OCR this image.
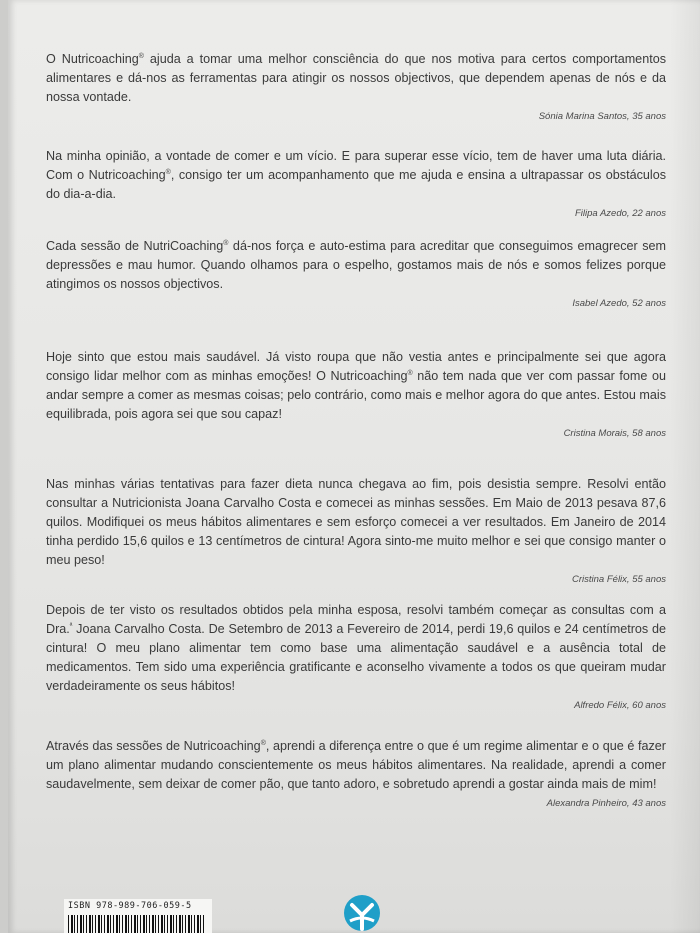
O Nutricoaching® ajuda a tomar uma melhor consciência do que nos motiva para certos comportamentos alimentares e dá-nos as ferramentas para atingir os nossos objectivos, que dependem apenas de nós e da nossa vontade.

Sónia Marina Santos, 35 anos

Na minha opinião, a vontade de comer e um vício. E para superar esse vício, tem de haver uma luta diária. Com o Nutricoaching®, consigo ter um acompanhamento que me ajuda e ensina a ultrapassar os obstáculos do dia-a-dia.

Filipa Azedo, 22 anos

Cada sessão de NutriCoaching® dá-nos força e auto-estima para acreditar que conseguimos emagrecer sem depressões e mau humor. Quando olhamos para o espelho, gostamos mais de nós e somos felizes porque atingimos os nossos objectivos.

Isabel Azedo, 52 anos

Hoje sinto que estou mais saudável. Já visto roupa que não vestia antes e principalmente sei que agora consigo lidar melhor com as minhas emoções! O Nutricoaching® não tem nada que ver com passar fome ou andar sempre a comer as mesmas coisas; pelo contrário, como mais e melhor agora do que antes. Estou mais equilibrada, pois agora sei que sou capaz!

Cristina Morais, 58 anos

Nas minhas várias tentativas para fazer dieta nunca chegava ao fim, pois desistia sempre. Resolvi então consultar a Nutricionista Joana Carvalho Costa e comecei as minhas sessões. Em Maio de 2013 pesava 87,6 quilos. Modifiquei os meus hábitos alimentares e sem esforço comecei a ver resultados. Em Janeiro de 2014 tinha perdido 15,6 quilos e 13 centímetros de cintura! Agora sinto-me muito melhor e sei que consigo manter o meu peso!

Cristina Félix, 55 anos

Depois de ter visto os resultados obtidos pela minha esposa, resolvi também começar as consultas com a Dra.$^ª$ Joana Carvalho Costa. De Setembro de 2013 a Fevereiro de 2014, perdi 19,6 quilos e 24 centímetros de cintura! O meu plano alimentar tem como base uma alimentação saudável e a ausência total de medicamentos. Tem sido uma experiência gratificante e aconselho vivamente a todos os que queiram mudar verdadeiramente os seus hábitos!

Alfredo Félix, 60 anos

Através das sessões de Nutricoaching®, aprendi a diferença entre o que é um regime alimentar e o que é fazer um plano alimentar mudando conscientemente os meus hábitos alimentares. Na realidade, aprendi a comer saudavelmente, sem deixar de comer pão, que tanto adoro, e sobretudo aprendi a gostar ainda mais de mim!

Alexandra Pinheiro, 43 anos

ISBN 978-989-706-059-5
